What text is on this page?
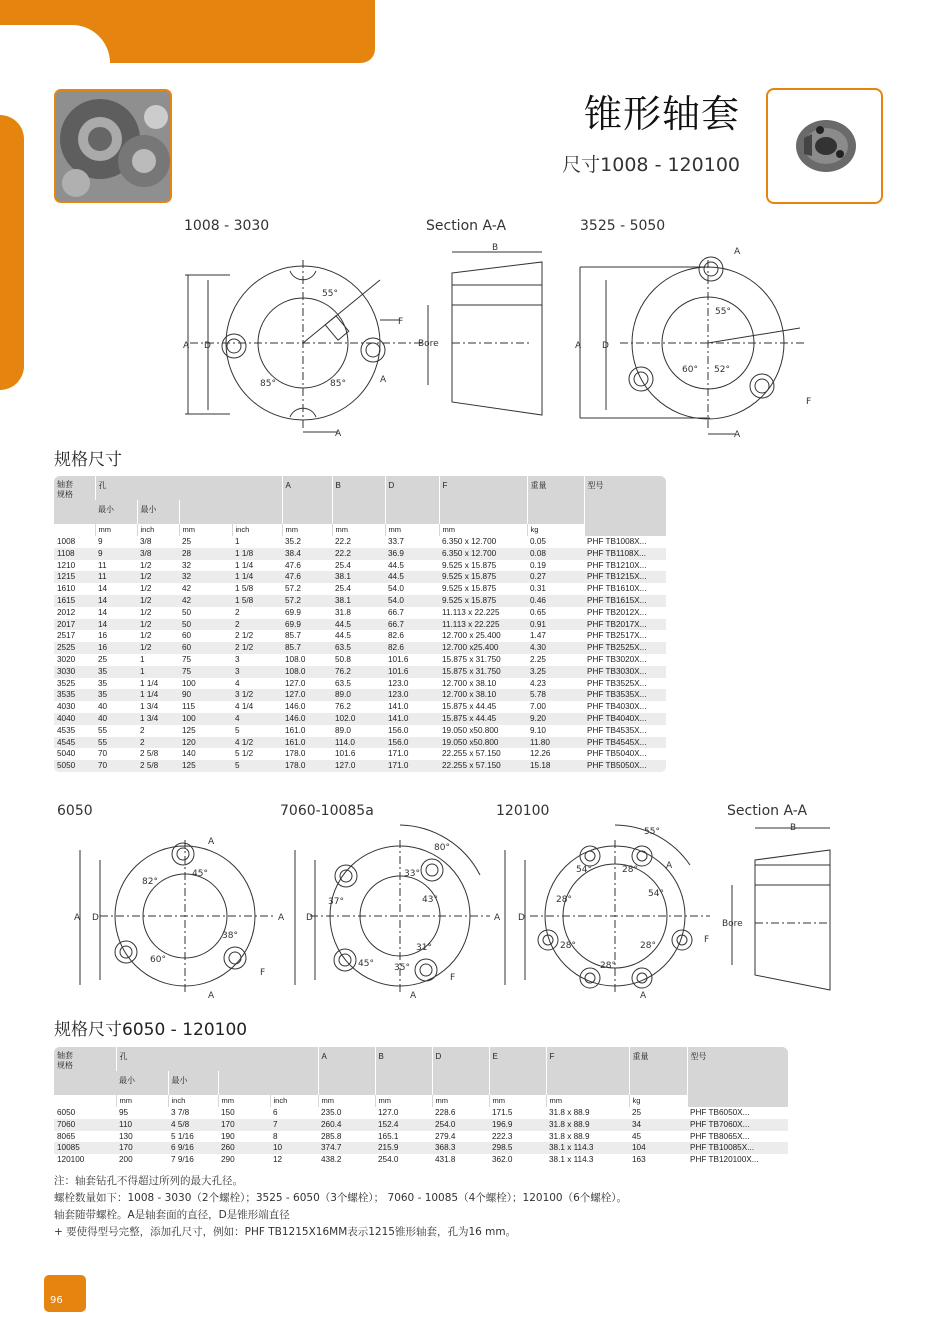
锥形轴套
尺寸1008 - 120100
1008 - 3030	Section A-A	3525 - 5050
55°
85°	85°
A D
F
A
A
B
Bore
55°
60° 52°
A D
A
A
F
规格尺寸
轴套
规格	孔				A	B	D	F	重量	型号
	最小	最小								
	mm	inch	mm	inch	mm	mm	mm	mm	kg	
1008	9	3/8	25	1	35.2	22.2	33.7	6.350 x 12.700	0.05	PHF TB1008X...
1108	9	3/8	28	1 1/8	38.4	22.2	36.9	6.350 x 12.700	0.08	PHF TB1108X...
1210	11	1/2	32	1 1/4	47.6	25.4	44.5	9.525 x 15.875	0.19	PHF TB1210X...
1215	11	1/2	32	1 1/4	47.6	38.1	44.5	9.525 x 15.875	0.27	PHF TB1215X...
1610	14	1/2	42	1 5/8	57.2	25.4	54.0	9.525 x 15.875	0.31	PHF TB1610X...
1615	14	1/2	42	1 5/8	57.2	38.1	54.0	9.525 x 15.875	0.46	PHF TB1615X...
2012	14	1/2	50	2	69.9	31.8	66.7	11.113 x 22.225	0.65	PHF TB2012X...
2017	14	1/2	50	2	69.9	44.5	66.7	11.113 x 22.225	0.91	PHF TB2017X...
2517	16	1/2	60	2 1/2	85.7	44.5	82.6	12.700 x 25.400	1.47	PHF TB2517X...
2525	16	1/2	60	2 1/2	85.7	63.5	82.6	12.700 x25.400	4.30	PHF TB2525X...
3020	25	1	75	3	108.0	50.8	101.6	15.875 x 31.750	2.25	PHF TB3020X...
3030	35	1	75	3	108.0	76.2	101.6	15.875 x 31.750	3.25	PHF TB3030X...
3525	35	1 1/4	100	4	127.0	63.5	123.0	12.700 x 38.10	4.23	PHF TB3525X...
3535	35	1 1/4	90	3 1/2	127.0	89.0	123.0	12.700 x 38.10	5.78	PHF TB3535X...
4030	40	1 3/4	115	4 1/4	146.0	76.2	141.0	15.875 x 44.45	7.00	PHF TB4030X...
4040	40	1 3/4	100	4	146.0	102.0	141.0	15.875 x 44.45	9.20	PHF TB4040X...
4535	55	2	125	5	161.0	89.0	156.0	19.050 x50.800	9.10	PHF TB4535X...
4545	55	2	120	4 1/2	161.0	114.0	156.0	19.050 x50.800	11.80	PHF TB4545X...
5040	70	2 5/8	140	5 1/2	178.0	101.6	171.0	22.255 x 57.150	12.26	PHF TB5040X...
5050	70	2 5/8	125	5	178.0	127.0	171.0	22.255 x 57.150	15.18	PHF TB5050X...
6050	7060-10085a	120100	Section A-A
45°
82°
38°
60°
A D
A
A
F
80°
33°
37°	43°
31°
45° 35°
A D
F
A
55°
54°
54°
28°
28°
28°	28°
28°
A D
A
A
F
B
Bore
规格尺寸6050 - 120100
轴套
规格	孔				A	B	D	E	F	重量	型号
	最小	最小									
	mm	inch	mm	inch	mm	mm	mm	mm	mm	kg	
6050	95	3 7/8	150	6	235.0	127.0	228.6	171.5	31.8 x 88.9	25	PHF TB6050X...
7060	110	4 5/8	170	7	260.4	152.4	254.0	196.9	31.8 x 88.9	34	PHF TB7060X...
8065	130	5 1/16	190	8	285.8	165.1	279.4	222.3	31.8 x 88.9	45	PHF TB8065X...
10085	170	6 9/16	260	10	374.7	215.9	368.3	298.5	38.1 x 114.3	104	PHF TB10085X...
120100	200	7 9/16	290	12	438.2	254.0	431.8	362.0	38.1 x 114.3	163	PHF TB120100X...
注：轴套钻孔不得超过所列的最大孔径。
螺栓数量如下：1008 - 3030（2个螺栓）；3525 - 6050（3个螺栓）； 7060 - 10085（4个螺栓）；120100（6个螺栓）。
轴套随带螺栓。A是轴套面的直径，D是锥形端直径
+ 要使得型号完整，添加孔尺寸，例如：PHF TB1215X16MM表示1215锥形轴套，孔为16 mm。
96
